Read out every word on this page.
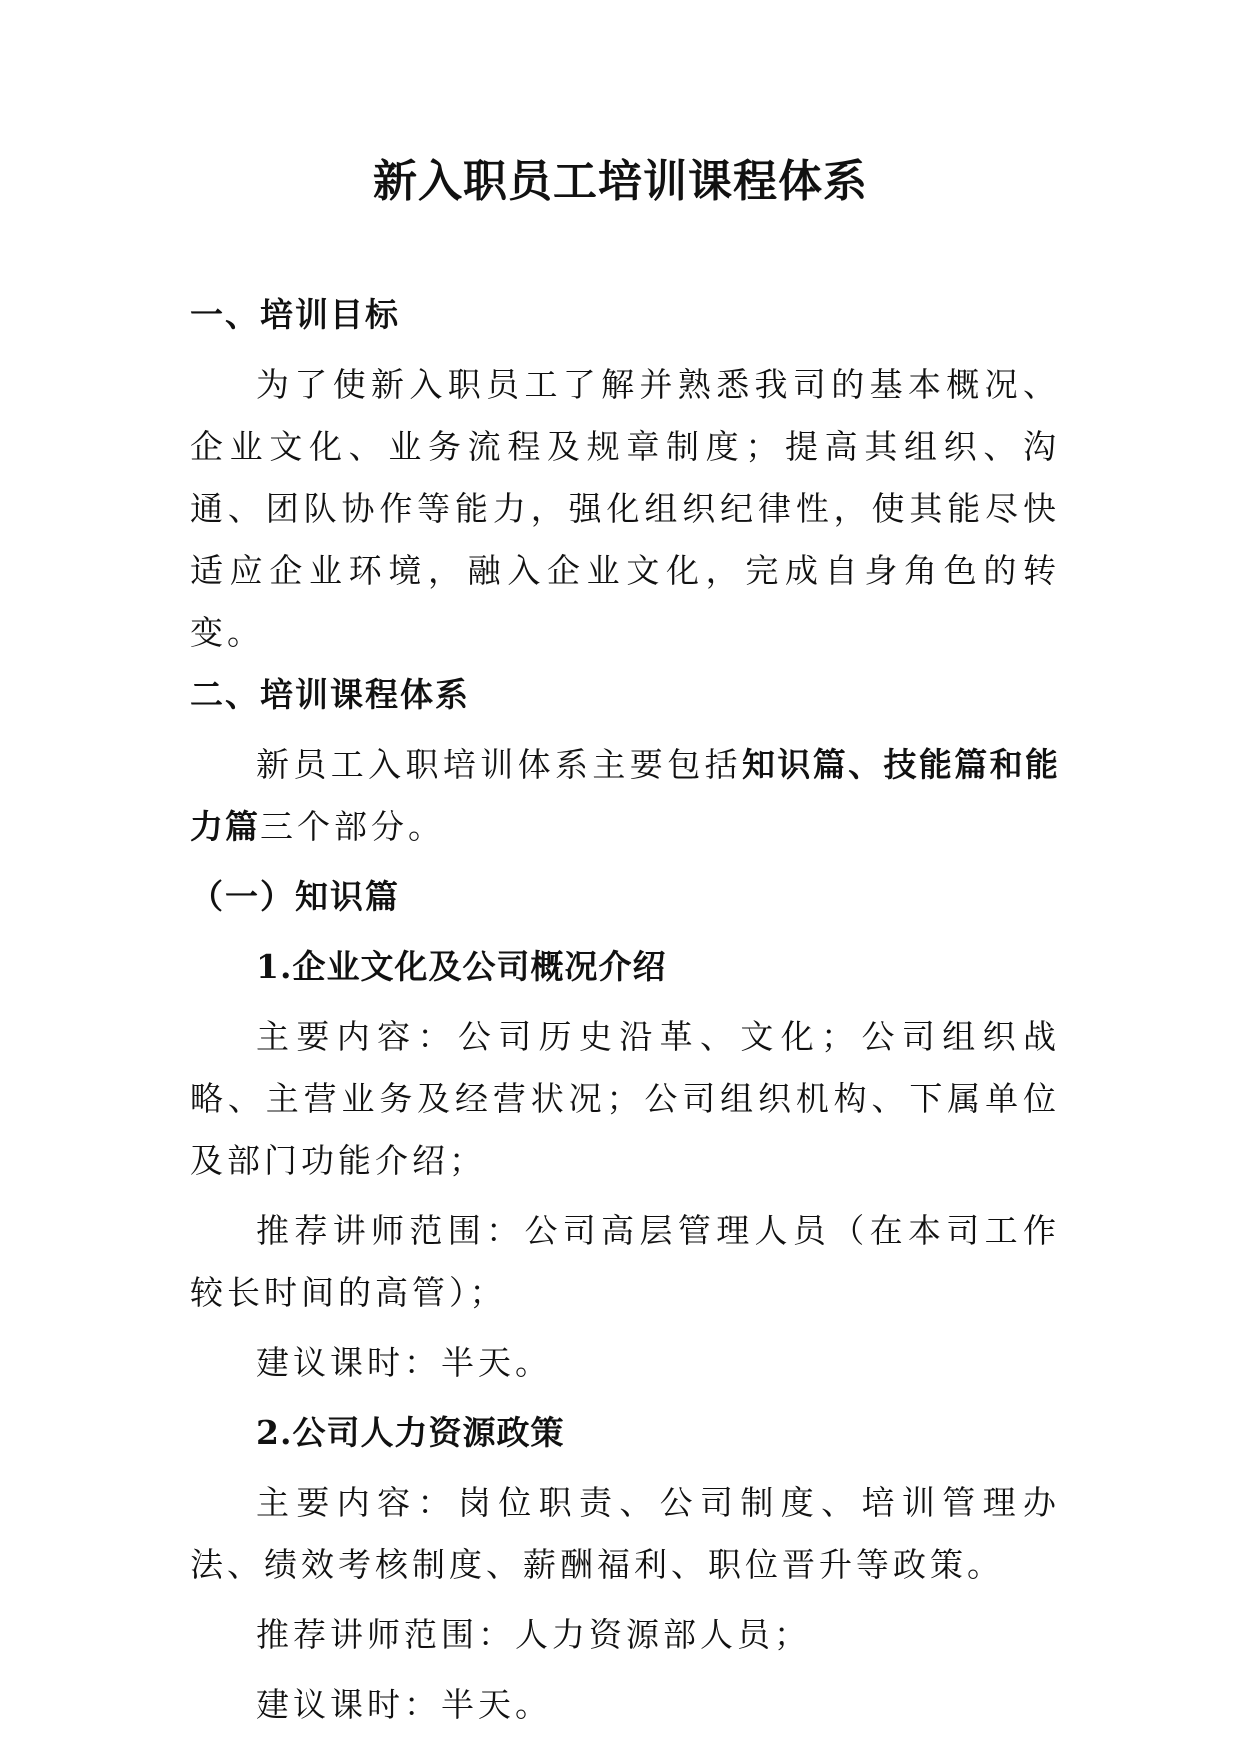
新入职员工培训课程体系

一、培训目标

为了使新入职员工了解并熟悉我司的基本概况、企业文化、业务流程及规章制度；提高其组织、沟通、团队协作等能力，强化组织纪律性，使其能尽快适应企业环境，融入企业文化，完成自身角色的转变。

二、培训课程体系

新员工入职培训体系主要包括知识篇、技能篇和能力篇三个部分。

（一）知识篇

1.企业文化及公司概况介绍

主要内容：公司历史沿革、文化；公司组织战略、主营业务及经营状况；公司组织机构、下属单位及部门功能介绍；

推荐讲师范围：公司高层管理人员（在本司工作较长时间的高管）；

建议课时：半天。

2.公司人力资源政策

主要内容：岗位职责、公司制度、培训管理办法、绩效考核制度、薪酬福利、职位晋升等政策。

推荐讲师范围：人力资源部人员；

建议课时：半天。
